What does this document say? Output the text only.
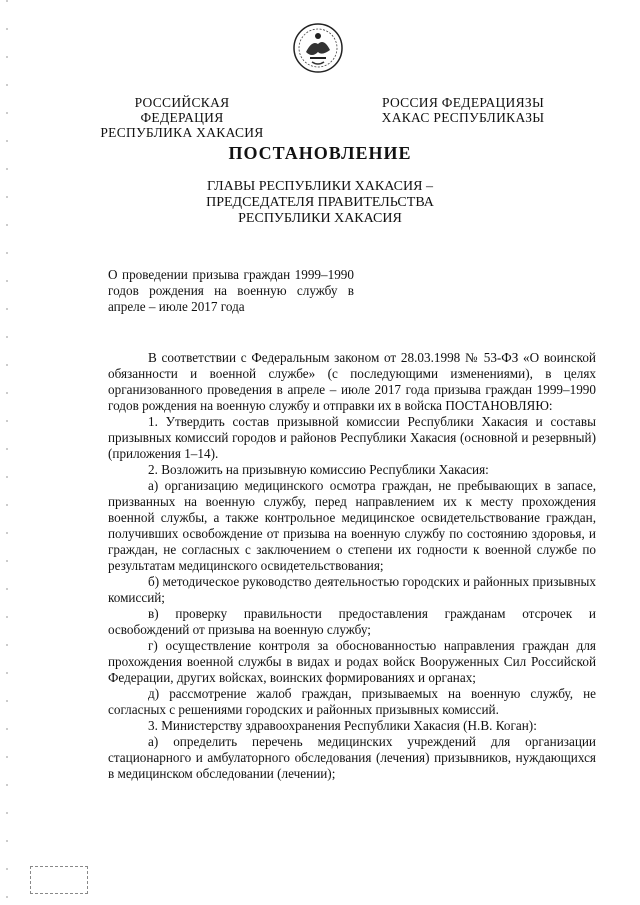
РОССИЙСКАЯ ФЕДЕРАЦИЯ
РЕСПУБЛИКА ХАКАСИЯ
РОССИЯ ФЕДЕРАЦИЯЗЫ
ХАКАС РЕСПУБЛИКАЗЫ
ПОСТАНОВЛЕНИЕ
ГЛАВЫ РЕСПУБЛИКИ ХАКАСИЯ –
ПРЕДСЕДАТЕЛЯ ПРАВИТЕЛЬСТВА
РЕСПУБЛИКИ ХАКАСИЯ
О проведении призыва граждан 1999–1990 годов рождения на военную службу в апреле – июле 2017 года

В соответствии с Федеральным законом от 28.03.1998 № 53-ФЗ «О воинской обязанности и военной службе» (с последующими изменениями), в целях организованного проведения в апреле – июле 2017 года призыва граждан 1999–1990 годов рождения на военную службу и отправки их в войска ПОСТАНОВЛЯЮ:

1. Утвердить состав призывной комиссии Республики Хакасия и составы призывных комиссий городов и районов Республики Хакасия (основной и резервный) (приложения 1–14).

2. Возложить на призывную комиссию Республики Хакасия:

а) организацию медицинского осмотра граждан, не пребывающих в запасе, призванных на военную службу, перед направлением их к месту прохождения военной службы, а также контрольное медицинское освидетельствование граждан, получивших освобождение от призыва на военную службу по состоянию здоровья, и граждан, не согласных с заключением о степени их годности к военной службе по результатам медицинского освидетельствования;

б) методическое руководство деятельностью городских и районных призывных комиссий;

в) проверку правильности предоставления гражданам отсрочек и освобождений от призыва на военную службу;

г) осуществление контроля за обоснованностью направления граждан для прохождения военной службы в видах и родах войск Вооруженных Сил Российской Федерации, других войсках, воинских формированиях и органах;

д) рассмотрение жалоб граждан, призываемых на военную службу, не согласных с решениями городских и районных призывных комиссий.

3. Министерству здравоохранения Республики Хакасия (Н.В. Коган):

а) определить перечень медицинских учреждений для организации стационарного и амбулаторного обследования (лечения) призывников, нуждающихся в медицинском обследовании (лечении);
